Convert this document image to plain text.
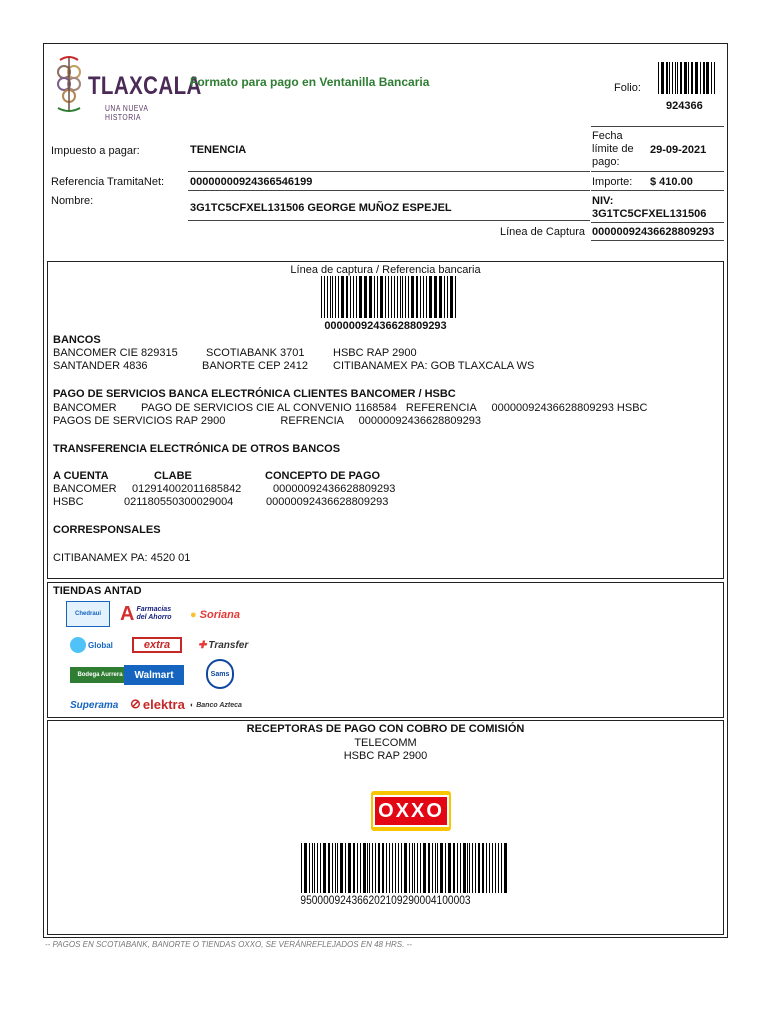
TLAXCALA
UNA NUEVA HISTORIA
Formato para pago en Ventanilla Bancaria	Folio:
924366
Impuesto a pagar:	TENENCIA
Fecha límite de pago:
29-09-2021
Referencia TramitaNet: 00000000924366546199	Importe: $ 410.00
Nombre:
3G1TC5CFXEL131506 GEORGE MUÑOZ ESPEJEL
NIV:
3G1TC5CFXEL131506
Línea de Captura 00000092436628809293
Línea de captura / Referencia bancaria
00000092436628809293
BANCOS
BANCOMER CIE 829315	SCOTIABANK 3701	HSBC RAP 2900
SANTANDER 4836	BANORTE CEP 2412 CITIBANAMEX PA: GOB TLAXCALA WS
PAGO DE SERVICIOS BANCA ELECTRÓNICA CLIENTES BANCOMER / HSBC
BANCOMER        PAGO DE SERVICIOS CIE AL CONVENIO 1168584   REFERENCIA     00000092436628809293 HSBC
PAGOS DE SERVICIOS RAP 2900                  REFRENCIA     00000092436628809293
TRANSFERENCIA ELECTRÓNICA DE OTROS BANCOS
A CUENTA	CLABE	CONCEPTO DE PAGO
BANCOMER 012914002011685842	00000092436628809293
HSBC	021180550300029004	00000092436628809293
CORRESPONSALES
CITIBANAMEX PA: 4520 01
TIENDAS ANTAD
Chedraui A Farmacias del Ahorro	● Soriana
Global	extra	✚ Transfer
Bodega Aurrera	Walmart	Sams
Superama ⊘ elektra ◐ Banco Azteca
RECEPTORAS DE PAGO CON COBRO DE COMISIÓN
TELECOMM
HSBC RAP 2900
OXXO
950000924366202109290004100003
-- PAGOS EN SCOTIABANK, BANORTE O TIENDAS OXXO, SE VERÁNREFLEJADOS EN 48 HRS. --
